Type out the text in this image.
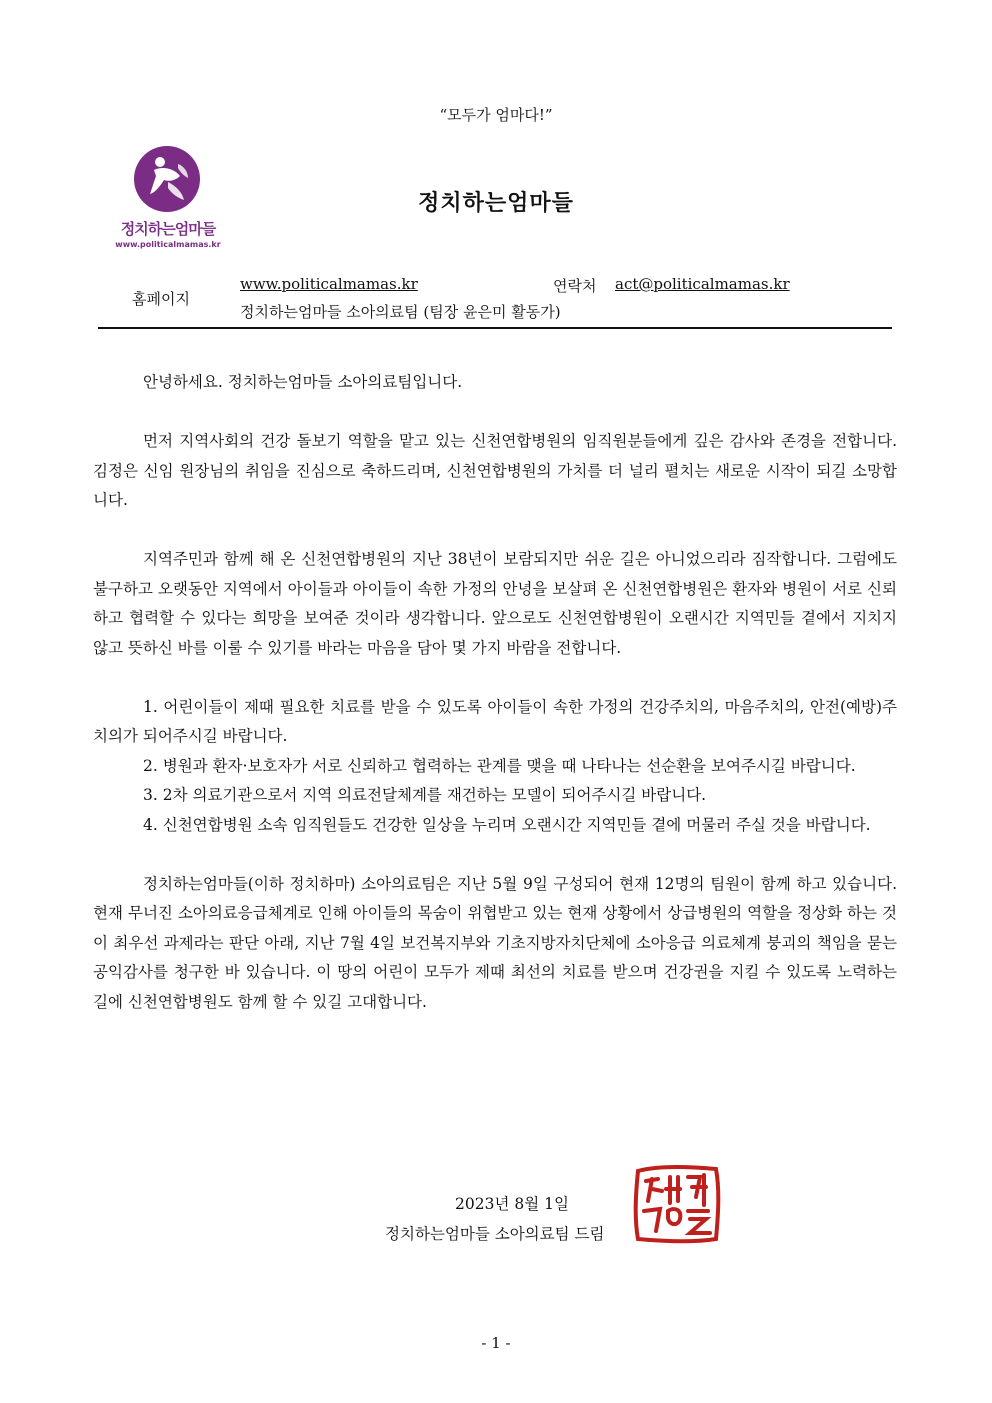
“모두가 엄마다!”
정치하는엄마들
www.politicalmamas.kr
정치하는엄마들
홈페이지
www.politicalmamas.kr	연락처 act@politicalmamas.kr
정치하는엄마들 소아의료팀 (팀장 윤은미 활동가)

안녕하세요. 정치하는엄마들 소아의료팀입니다.

먼저 지역사회의 건강 돌보기 역할을 맡고 있는 신천연합병원의 임직원분들에게 깊은 감사와 존경을 전합니다. 김정은 신임 원장님의 취임을 진심으로 축하드리며, 신천연합병원의 가치를 더 널리 펼치는 새로운 시작이 되길 소망합니다.

지역주민과 함께 해 온 신천연합병원의 지난 38년이 보람되지만 쉬운 길은 아니었으리라 짐작합니다. 그럼에도 불구하고 오랫동안 지역에서 아이들과 아이들이 속한 가정의 안녕을 보살펴 온 신천연합병원은 환자와 병원이 서로 신뢰하고 협력할 수 있다는 희망을 보여준 것이라 생각합니다. 앞으로도 신천연합병원이 오랜시간 지역민들 곁에서 지치지 않고 뜻하신 바를 이룰 수 있기를 바라는 마음을 담아 몇 가지 바람을 전합니다.

1. 어린이들이 제때 필요한 치료를 받을 수 있도록 아이들이 속한 가정의 건강주치의, 마음주치의, 안전(예방)주치의가 되어주시길 바랍니다.

2. 병원과 환자·보호자가 서로 신뢰하고 협력하는 관계를 맺을 때 나타나는 선순환을 보여주시길 바랍니다.

3. 2차 의료기관으로서 지역 의료전달체계를 재건하는 모델이 되어주시길 바랍니다.

4. 신천연합병원 소속 임직원들도 건강한 일상을 누리며 오랜시간 지역민들 곁에 머물러 주실 것을 바랍니다.

정치하는엄마들(이하 정치하마) 소아의료팀은 지난 5월 9일 구성되어 현재 12명의 팀원이 함께 하고 있습니다. 현재 무너진 소아의료응급체계로 인해 아이들의 목숨이 위협받고 있는 현재 상황에서 상급병원의 역할을 정상화 하는 것이 최우선 과제라는 판단 아래, 지난 7월 4일 보건복지부와 기초지방자치단체에 소아응급 의료체계 붕괴의 책임을 묻는 공익감사를 청구한 바 있습니다. 이 땅의 어린이 모두가 제때 최선의 치료를 받으며 건강권을 지킬 수 있도록 노력하는 길에 신천연합병원도 함께 할 수 있길 고대합니다.

2023년 8월 1일
정치하는엄마들 소아의료팀 드림
- 1 -
